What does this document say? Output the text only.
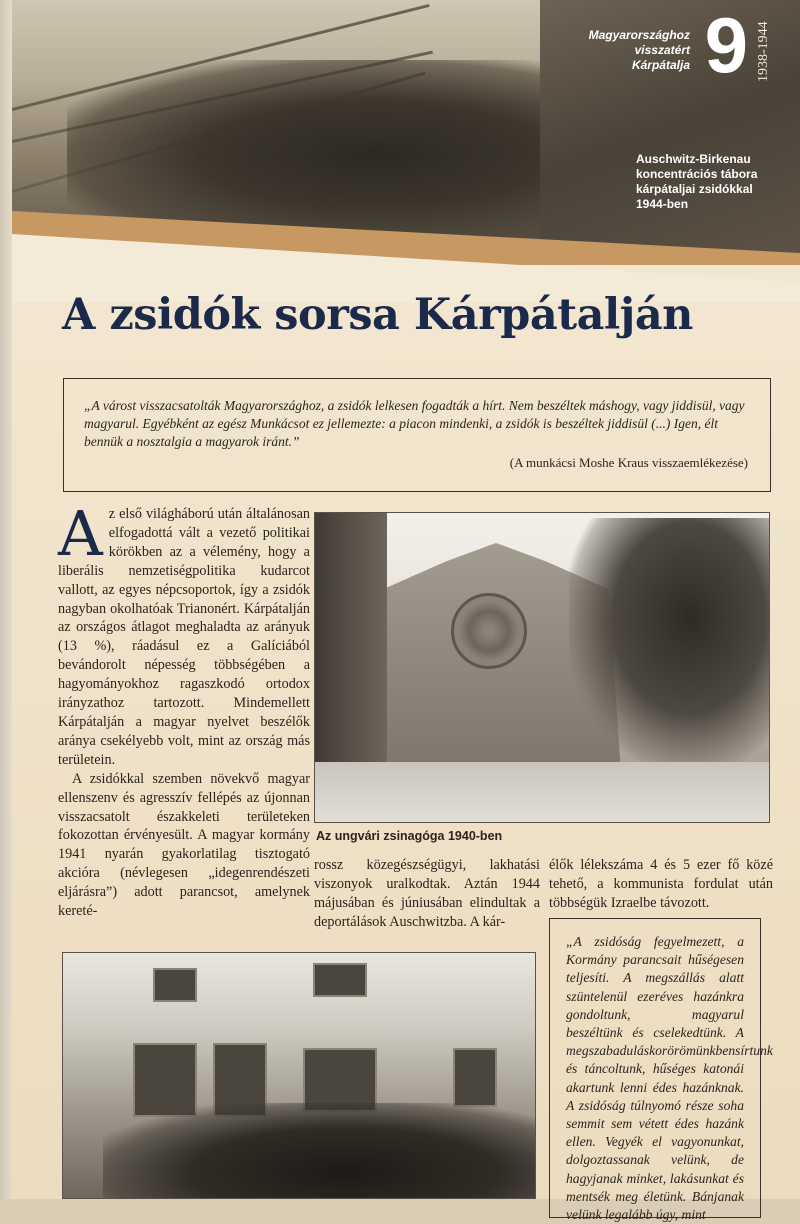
Magyarországhoz
visszatért
Kárpátalja 9 1938-1944
Auschwitz-Birkenau
koncentrációs tábora
kárpátaljai zsidókkal
1944-ben
A zsidók sorsa Kárpátalján

„A várost visszacsatolták Magyarországhoz, a zsidók lelkesen fogadták a hírt. Nem beszéltek máshogy, vagy jiddisül, vagy magyarul. Egyébként az egész Munkácsot ez jellemezte: a piacon mindenki, a zsidók is beszéltek jiddisül (...) Igen, élt bennük a nosztalgia a magyarok iránt.”

(A munkácsi Moshe Kraus visszaemlékezése)
A z első világháború után általánosan elfogadottá vált a vezető politikai körökben az a vélemény, hogy a liberális nemzetiségpolitika kudarcot vallott, az egyes népcsoportok, így a zsidók nagyban okolhatóak Trianonért. Kárpátalján az országos átlagot meghaladta az arányuk (13 %), ráadásul ez a Galíciából bevándorolt népesség többségében a hagyományokhoz ragaszkodó ortodox irányzathoz tartozott. Mindemellett Kárpátalján a magyar nyelvet beszélők aránya csekélyebb volt, mint az ország más területein.

A zsidókkal szemben növekvő magyar ellenszenv és agresszív fellépés az újonnan visszacsatolt északkeleti területeken fokozottan érvényesült. A magyar kormány 1941 nyarán gyakorlatilag tisztogató akcióra (névlegesen „idegenrendészeti eljárásra”) adott parancsot, amelynek kereté-

Az ungvári zsinagóga 1940-ben
rossz közegészségügyi, lakhatási viszonyok uralkodtak. Aztán 1944 májusában és júniusában elindultak a deportálások Auschwitzba. A kár-
élők lélekszáma 4 és 5 ezer fő közé tehető, a kommunista fordulat után többségük Izraelbe távozott.

„A zsidóság fegyelmezett, a Kormány parancsait hűségesen teljesíti. A megszállás alatt szüntelenül ezeréves hazánkra gondoltunk, magyarul beszéltünk és cselekedtünk. A megszabaduláskorörömünkbensírtunk és táncoltunk, hűséges katonái akartunk lenni édes hazánknak. A zsidóság túlnyomó része soha semmit sem vétett édes hazánk ellen. Vegyék el vagyonunkat, dolgoztassanak velünk, de hagyjanak minket, lakásunkat és mentsék meg életünk. Bánjanak velünk legalább úgy, mint
